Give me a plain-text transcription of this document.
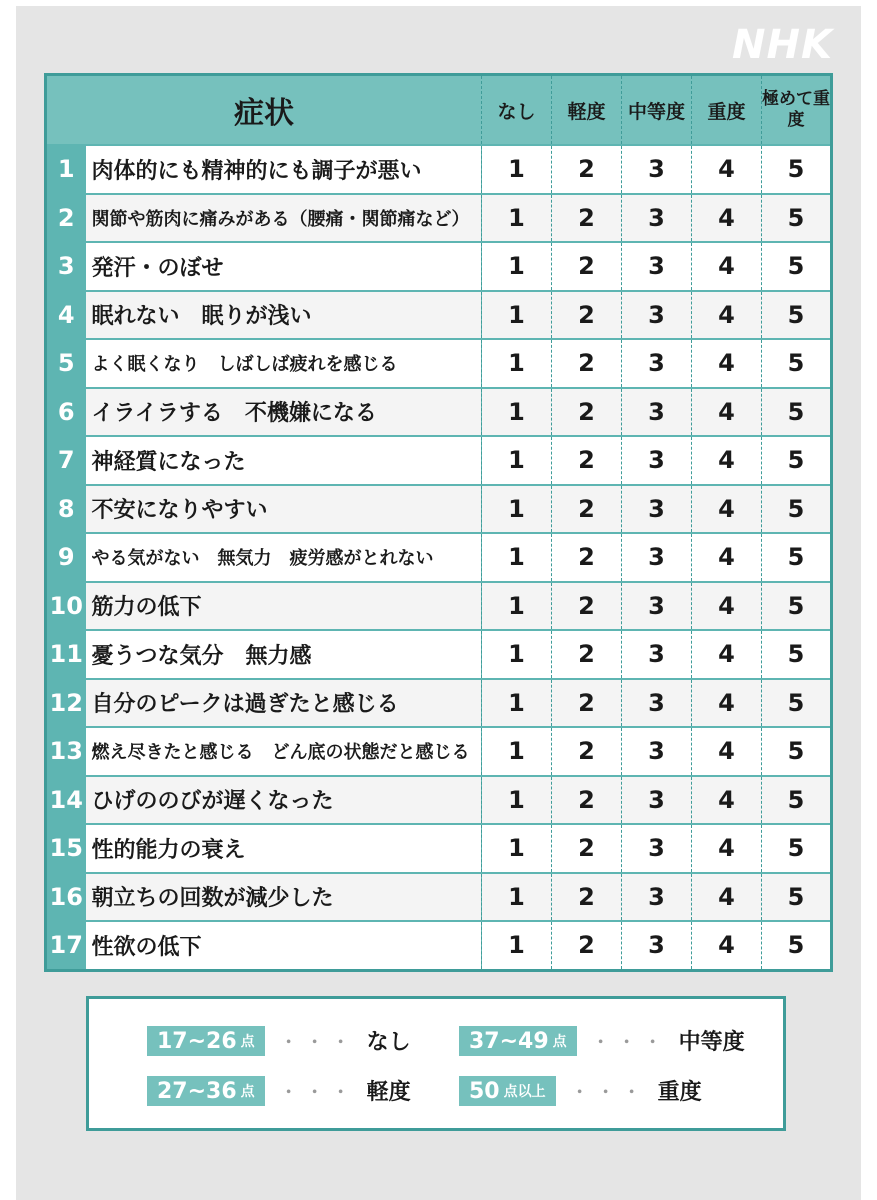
NHK
症状		なし	軽度	中等度	重度	極めて重度
1	肉体的にも精神的にも調子が悪い	1	2	3	4	5
2	関節や筋肉に痛みがある（腰痛・関節痛など）	1	2	3	4	5
3	発汗・のぼせ	1	2	3	4	5
4	眠れない　眠りが浅い	1	2	3	4	5
5	よく眠くなり　しばしば疲れを感じる	1	2	3	4	5
6	イライラする　不機嫌になる	1	2	3	4	5
7	神経質になった	1	2	3	4	5
8	不安になりやすい	1	2	3	4	5
9	やる気がない　無気力　疲労感がとれない	1	2	3	4	5
10	筋力の低下	1	2	3	4	5
11	憂うつな気分　無力感	1	2	3	4	5
12	自分のピークは過ぎたと感じる	1	2	3	4	5
13	燃え尽きたと感じる　どん底の状態だと感じる	1	2	3	4	5
14	ひげののびが遅くなった	1	2	3	4	5
15	性的能力の衰え	1	2	3	4	5
16	朝立ちの回数が減少した	1	2	3	4	5
17	性欲の低下	1	2	3	4	5
17~26 点 ・・・ なし
27~36 点 ・・・ 軽度
37~49 点 ・・・ 中等度
50 点以上 ・・・ 重度
